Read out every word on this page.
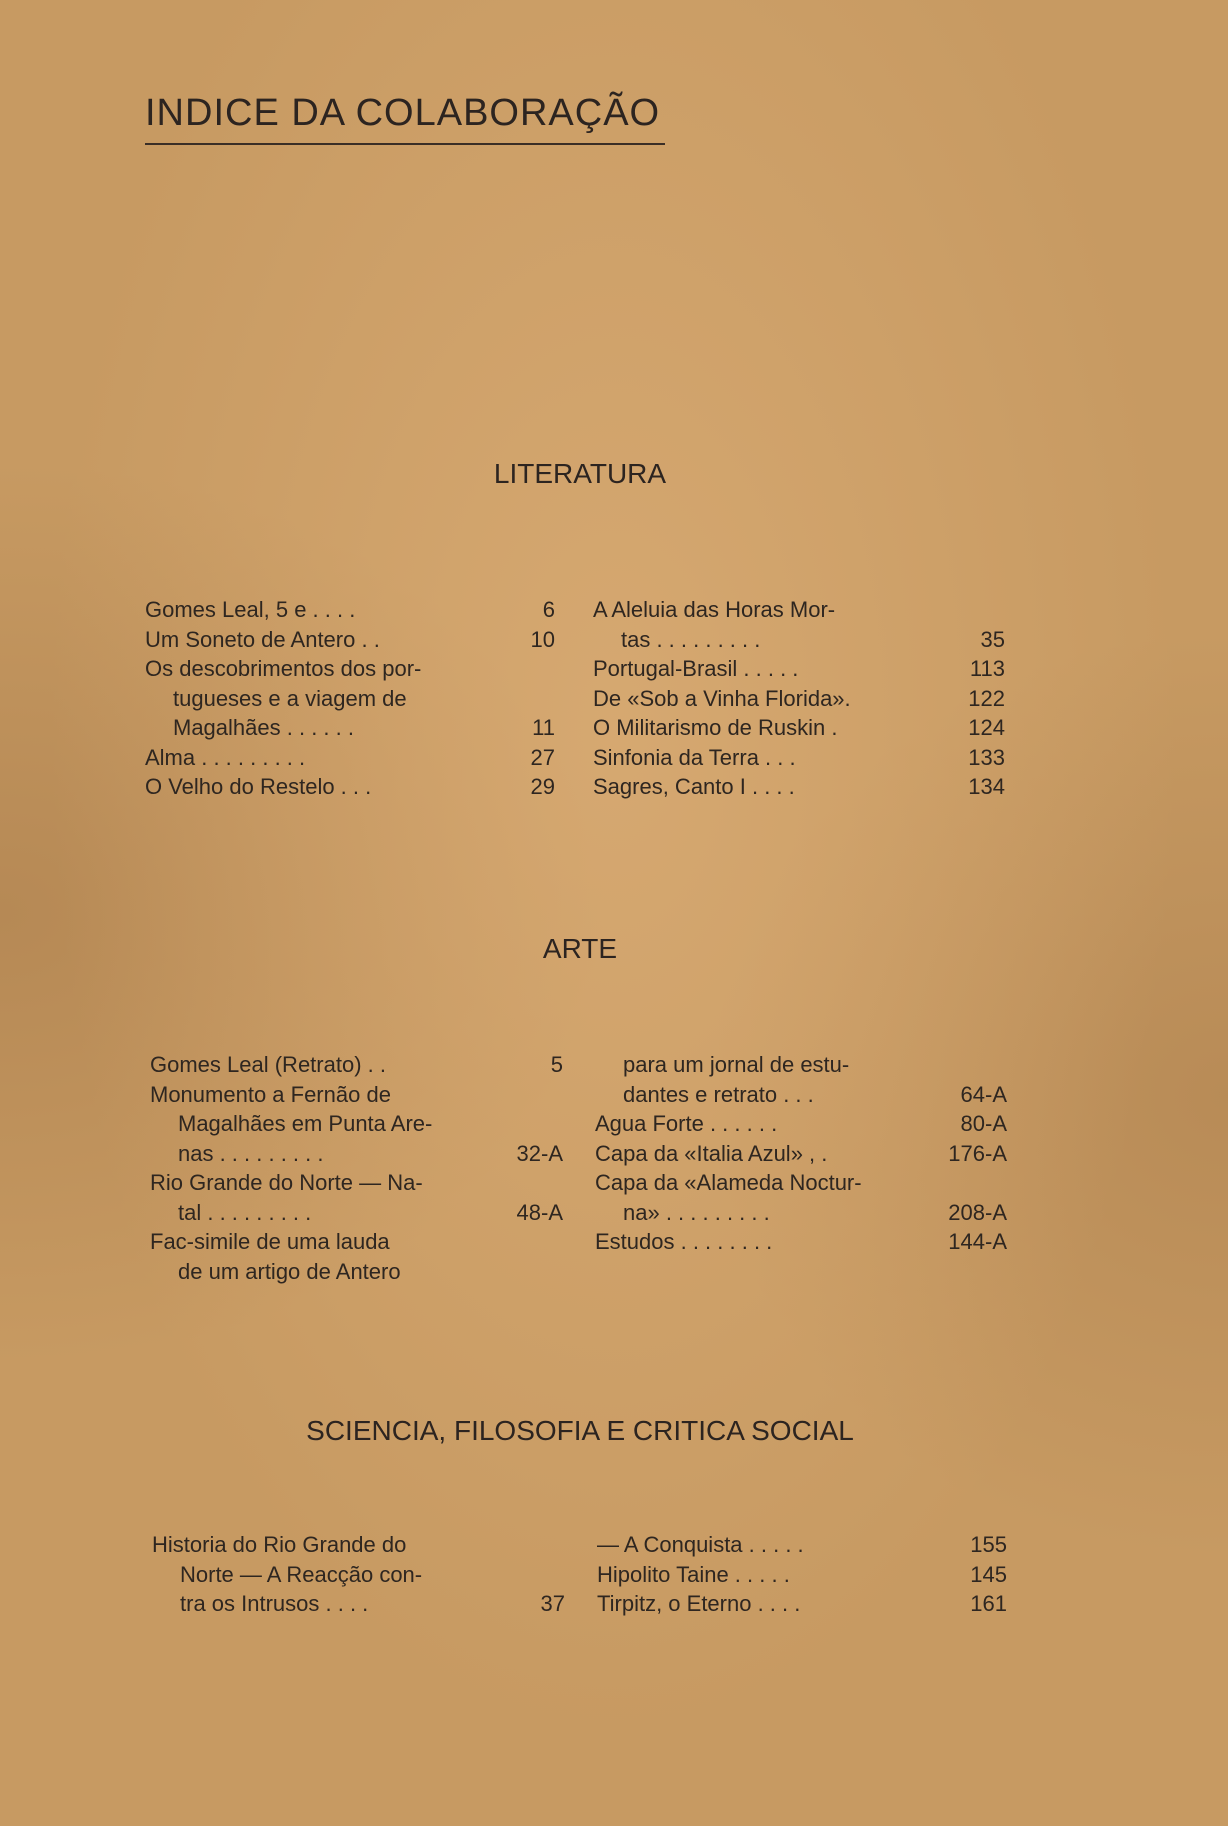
INDICE DA COLABORAÇÃO
LITERATURA
Gomes Leal, 5 e . . . .	6
Um Soneto de Antero . .	10
Os descobrimentos dos por-
tugueses e a viagem de
Magalhães . . . . . .	11
Alma . . . . . . . . .	27
O Velho do Restelo . . .	29
A Aleluia das Horas Mor-
tas . . . . . . . . .	35
Portugal-Brasil . . . . .	113
De «Sob a Vinha Florida».	122
O Militarismo de Ruskin .	124
Sinfonia da Terra . . .	133
Sagres, Canto I . . . .	134
ARTE
Gomes Leal (Retrato) . .	5
Monumento a Fernão de
Magalhães em Punta Are-
nas . . . . . . . . .	32-A
Rio Grande do Norte — Na-
tal . . . . . . . . .	48-A
Fac-simile de uma lauda
de um artigo de Antero
para um jornal de estu-
dantes e retrato . . .	64-A
Agua Forte . . . . . .	80-A
Capa da «Italia Azul» , .	176-A
Capa da «Alameda Noctur-
na» . . . . . . . . .	208-A
Estudos . . . . . . . .	144-A
SCIENCIA, FILOSOFIA E CRITICA SOCIAL
Historia do Rio Grande do
Norte — A Reacção con-
tra os Intrusos . . . .	37
— A Conquista . . . . .	155
Hipolito Taine . . . . .	145
Tirpitz, o Eterno . . . .	161
